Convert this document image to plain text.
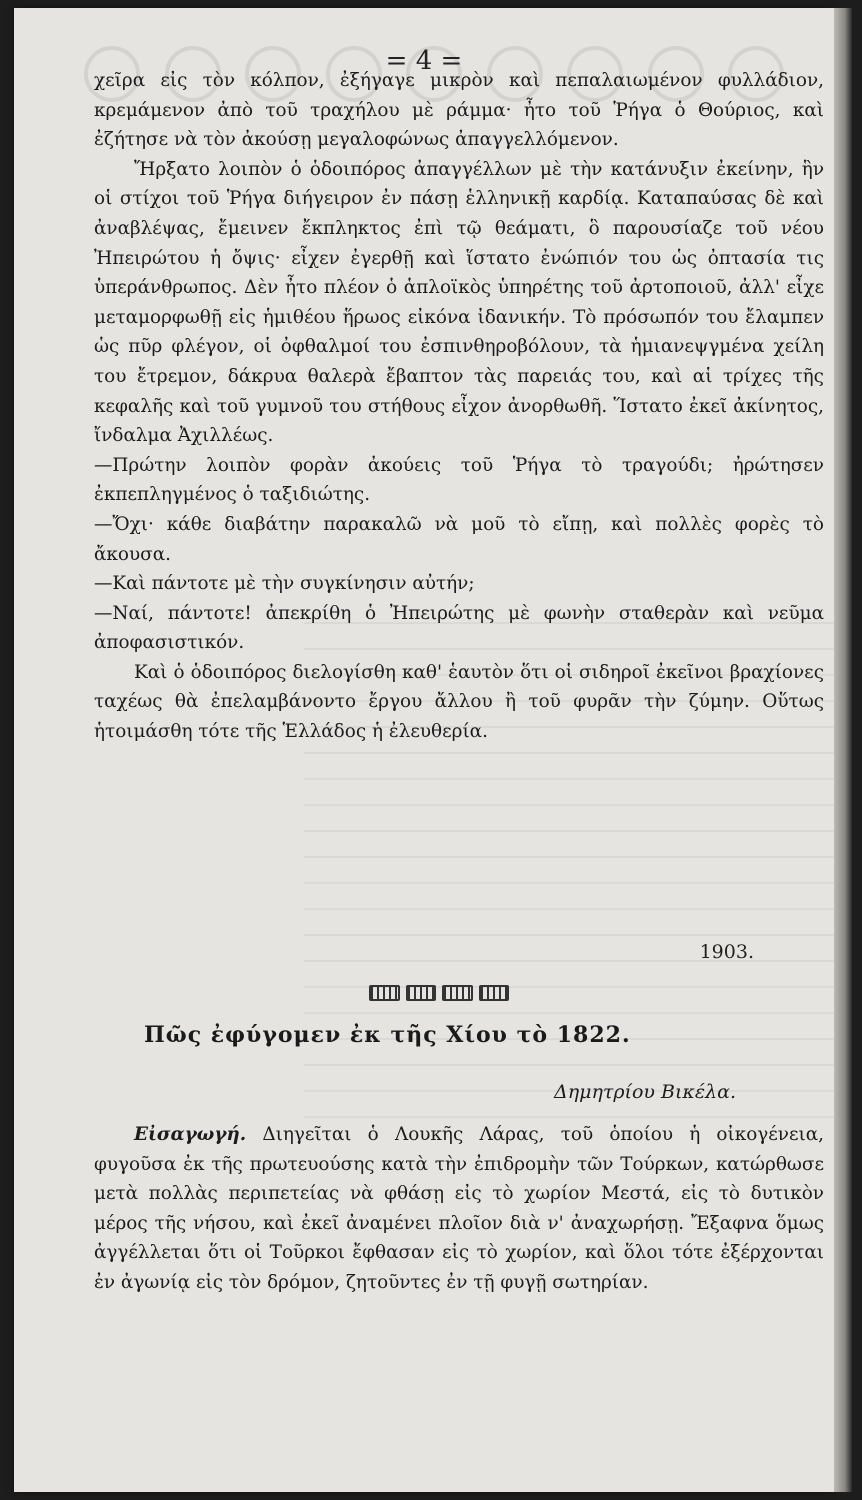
= 4 =

χεῖρα εἰς τὸν κόλπον, ἐξήγαγε μικρὸν καὶ πεπαλαιωμένον φυλλάδιον, κρεμάμενον ἀπὸ τοῦ τραχήλου μὲ ράμμα· ἦτο τοῦ Ῥήγα ὁ Θούριος, καὶ ἐζήτησε νὰ τὸν ἀκούσῃ μεγαλοφώνως ἀπαγγελλόμενον.

Ἤρξατο λοιπὸν ὁ ὁδοιπόρος ἀπαγγέλλων μὲ τὴν κατάνυξιν ἐκείνην, ἣν οἱ στίχοι τοῦ Ῥήγα διήγειρον ἐν πάσῃ ἑλληνικῇ καρδίᾳ. Καταπαύσας δὲ καὶ ἀναβλέψας, ἔμεινεν ἔκπληκτος ἐπὶ τῷ θεάματι, ὃ παρουσίαζε τοῦ νέου Ἠπειρώτου ἡ ὄψις· εἶχεν ἐγερθῇ καὶ ἵστατο ἐνώπιόν του ὡς ὀπτασία τις ὑπεράνθρωπος. Δὲν ἦτο πλέον ὁ ἁπλοϊκὸς ὑπηρέτης τοῦ ἀρτοποιοῦ, ἀλλ' εἶχε μεταμορφωθῇ εἰς ἡμιθέου ἥρωος εἰκόνα ἰδανικήν. Τὸ πρόσωπόν του ἔλαμπεν ὡς πῦρ φλέγον, οἱ ὀφθαλμοί του ἐσπινθηροβόλουν, τὰ ἡμιανεψγμένα χείλη του ἔτρεμον, δάκρυα θαλερὰ ἔβαπτον τὰς παρειάς του, καὶ αἱ τρίχες τῆς κεφαλῆς καὶ τοῦ γυμνοῦ του στήθους εἶχον ἀνορθωθῆ. Ἵστατο ἐκεῖ ἀκίνητος, ἴνδαλμα Ἀχιλλέως.

—Πρώτην λοιπὸν φορὰν ἀκούεις τοῦ Ῥήγα τὸ τραγούδι; ἠρώτησεν ἐκπεπληγμένος ὁ ταξιδιώτης.

—Ὄχι· κάθε διαβάτην παρακαλῶ νὰ μοῦ τὸ εἴπῃ, καὶ πολλὲς φορὲς τὸ ἄκουσα.

—Καὶ πάντοτε μὲ τὴν συγκίνησιν αὐτήν;

—Ναί, πάντοτε! ἀπεκρίθη ὁ Ἠπειρώτης μὲ φωνὴν σταθερὰν καὶ νεῦμα ἀποφασιστικόν.

Καὶ ὁ ὁδοιπόρος διελογίσθη καθ' ἑαυτὸν ὅτι οἱ σιδηροῖ ἐκεῖνοι βραχίονες ταχέως θὰ ἐπελαμβάνοντο ἔργου ἄλλου ἢ τοῦ φυρᾶν τὴν ζύμην. Οὕτως ἡτοιμάσθη τότε τῆς Ἑλλάδος ἡ ἐλευθερία.

1903.
Πῶς ἐφύγομεν ἐκ τῆς Χίου τὸ 1822.
Δημητρίου Βικέλα.

Εἰσαγωγή. Διηγεῖται ὁ Λουκῆς Λάρας, τοῦ ὁποίου ἡ οἰκογένεια, φυγοῦσα ἐκ τῆς πρωτευούσης κατὰ τὴν ἐπιδρομὴν τῶν Τούρκων, κατώρθωσε μετὰ πολλὰς περιπετείας νὰ φθάσῃ εἰς τὸ χωρίον Μεστά, εἰς τὸ δυτικὸν μέρος τῆς νήσου, καὶ ἐκεῖ ἀναμένει πλοῖον διὰ ν' ἀναχωρήσῃ. Ἔξαφνα ὅμως ἀγγέλλεται ὅτι οἱ Τοῦρκοι ἔφθασαν εἰς τὸ χωρίον, καὶ ὅλοι τότε ἐξέρχονται ἐν ἀγωνίᾳ εἰς τὸν δρόμον, ζητοῦντες ἐν τῇ φυγῇ σωτηρίαν.
